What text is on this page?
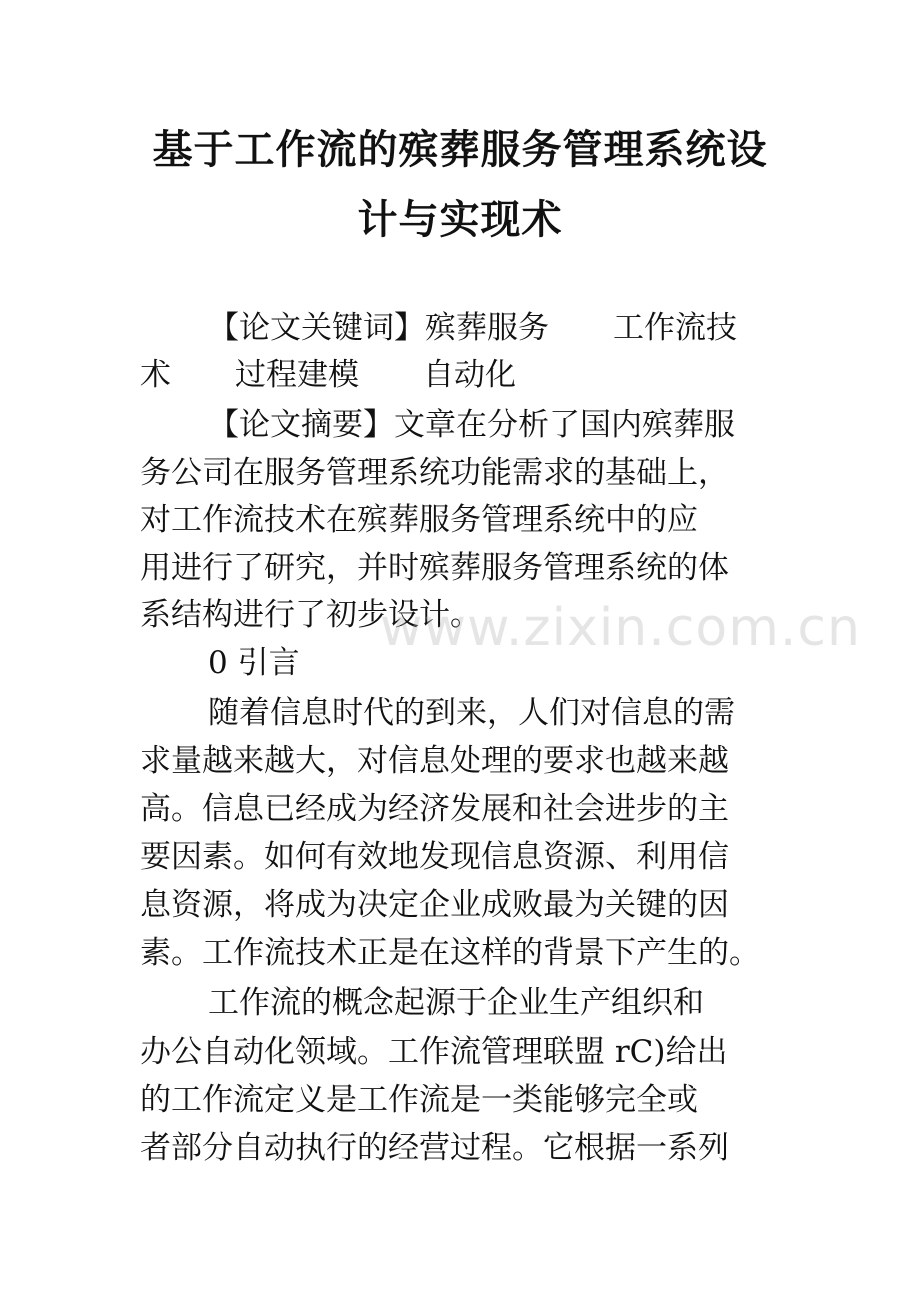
基于工作流的殡葬服务管理系统设
计与实现术
【论文关键词】殡葬服务 工作流技
术 过程建模 自动化
【论文摘要】文章在分析了国内殡葬服
务公司在服务管理系统功能需求的基础上，
对工作流技术在殡葬服务管理系统中的应
用进行了研究，并时殡葬服务管理系统的体
系结构进行了初步设计。
www.zixin.com.cn
0 引言
随着信息时代的到来，人们对信息的需
求量越来越大，对信息处理的要求也越来越
高。信息已经成为经济发展和社会进步的主
要因素。如何有效地发现信息资源、利用信
息资源，将成为决定企业成败最为关键的因
素。工作流技术正是在这样的背景下产生的。
工作流的概念起源于企业生产组织和
办公自动化领域。工作流管理联盟 rC)给出
的工作流定义是工作流是一类能够完全或
者部分自动执行的经营过程。它根据一系列
